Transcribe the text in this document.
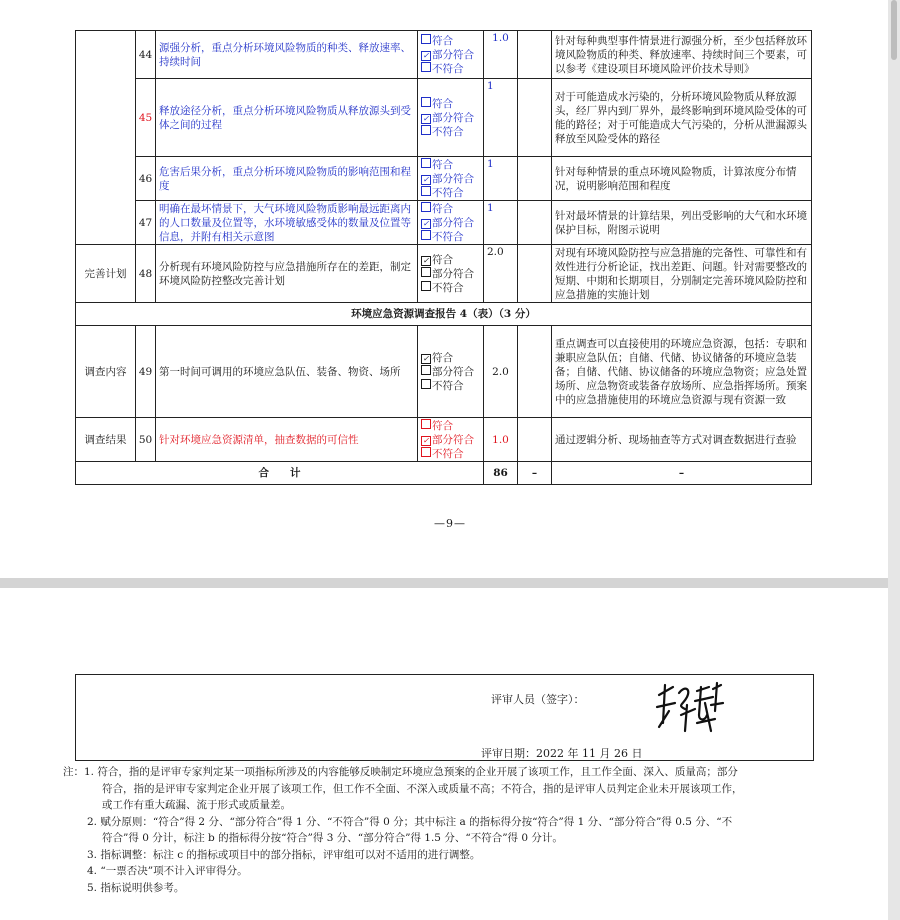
	44	源强分析，重点分析环境风险物质的种类、释放速率、持续时间	符合
✓ 部分符合
不符合	1.0		针对每种典型事件情景进行源强分析，至少包括释放环境风险物质的种类、释放速率、持续时间三个要素，可以参考《建设项目环境风险评价技术导则》
	45	释放途径分析，重点分析环境风险物质从释放源头到受体之间的过程	符合
✓ 部分符合
不符合	1		对于可能造成水污染的，分析环境风险物质从释放源头，经厂界内到厂界外，最终影响到环境风险受体的可能的路径；对于可能造成大气污染的，分析从泄漏源头释放至风险受体的路径
	46	危害后果分析，重点分析环境风险物质的影响范围和程度	符合
✓ 部分符合
不符合	1		针对每种情景的重点环境风险物质，计算浓度分布情况，说明影响范围和程度
	47	明确在最坏情景下，大气环境风险物质影响最远距离内的人口数量及位置等，水环境敏感受体的数量及位置等信息，并附有相关示意图	符合
✓ 部分符合
不符合	1		针对最坏情景的计算结果，列出受影响的大气和水环境保护目标，附图示说明
完善计划	48	分析现有环境风险防控与应急措施所存在的差距，制定环境风险防控整改完善计划	✓ 符合
部分符合
不符合	2.0		对现有环境风险防控与应急措施的完备性、可靠性和有效性进行分析论证，找出差距、问题。针对需要整改的短期、中期和长期项目，分别制定完善环境风险防控和应急措施的实施计划
环境应急资源调查报告 4（表）（3 分）						
调查内容	49	第一时间可调用的环境应急队伍、装备、物资、场所	✓ 符合
部分符合
不符合	2.0		重点调查可以直接使用的环境应急资源，包括：专职和兼职应急队伍；自储、代储、协议储备的环境应急装备；自储、代储、协议储备的环境应急物资；应急处置场所、应急物资或装备存放场所、应急指挥场所。预案中的应急措施使用的环境应急资源与现有资源一致
调查结果	50	针对环境应急资源清单，抽查数据的可信性	符合
✓ 部分符合
不符合	1.0		通过逻辑分析、现场抽查等方式对调查数据进行查验
合　　计				86	–	–
—9—
评审人员（签字）：
评审日期：2022 年 11 月 26 日
注：1. 符合，指的是评审专家判定某一项指标所涉及的内容能够反映制定环境应急预案的企业开展了该项工作，且工作全面、深入、质量高；部分
符合，指的是评审专家判定企业开展了该项工作，但工作不全面、不深入或质量不高；不符合，指的是评审人员判定企业未开展该项工作，
或工作有重大疏漏、流于形式或质量差。
2. 赋分原则：“符合”得 2 分、“部分符合”得 1 分、“不符合”得 0 分；其中标注 a 的指标得分按“符合”得 1 分、“部分符合”得 0.5 分、“不
符合”得 0 分计，标注 b 的指标得分按“符合”得 3 分、“部分符合”得 1.5 分、“不符合”得 0 分计。
3. 指标调整：标注 c 的指标或项目中的部分指标，评审组可以对不适用的进行调整。
4. “一票否决”项不计入评审得分。
5. 指标说明供参考。
